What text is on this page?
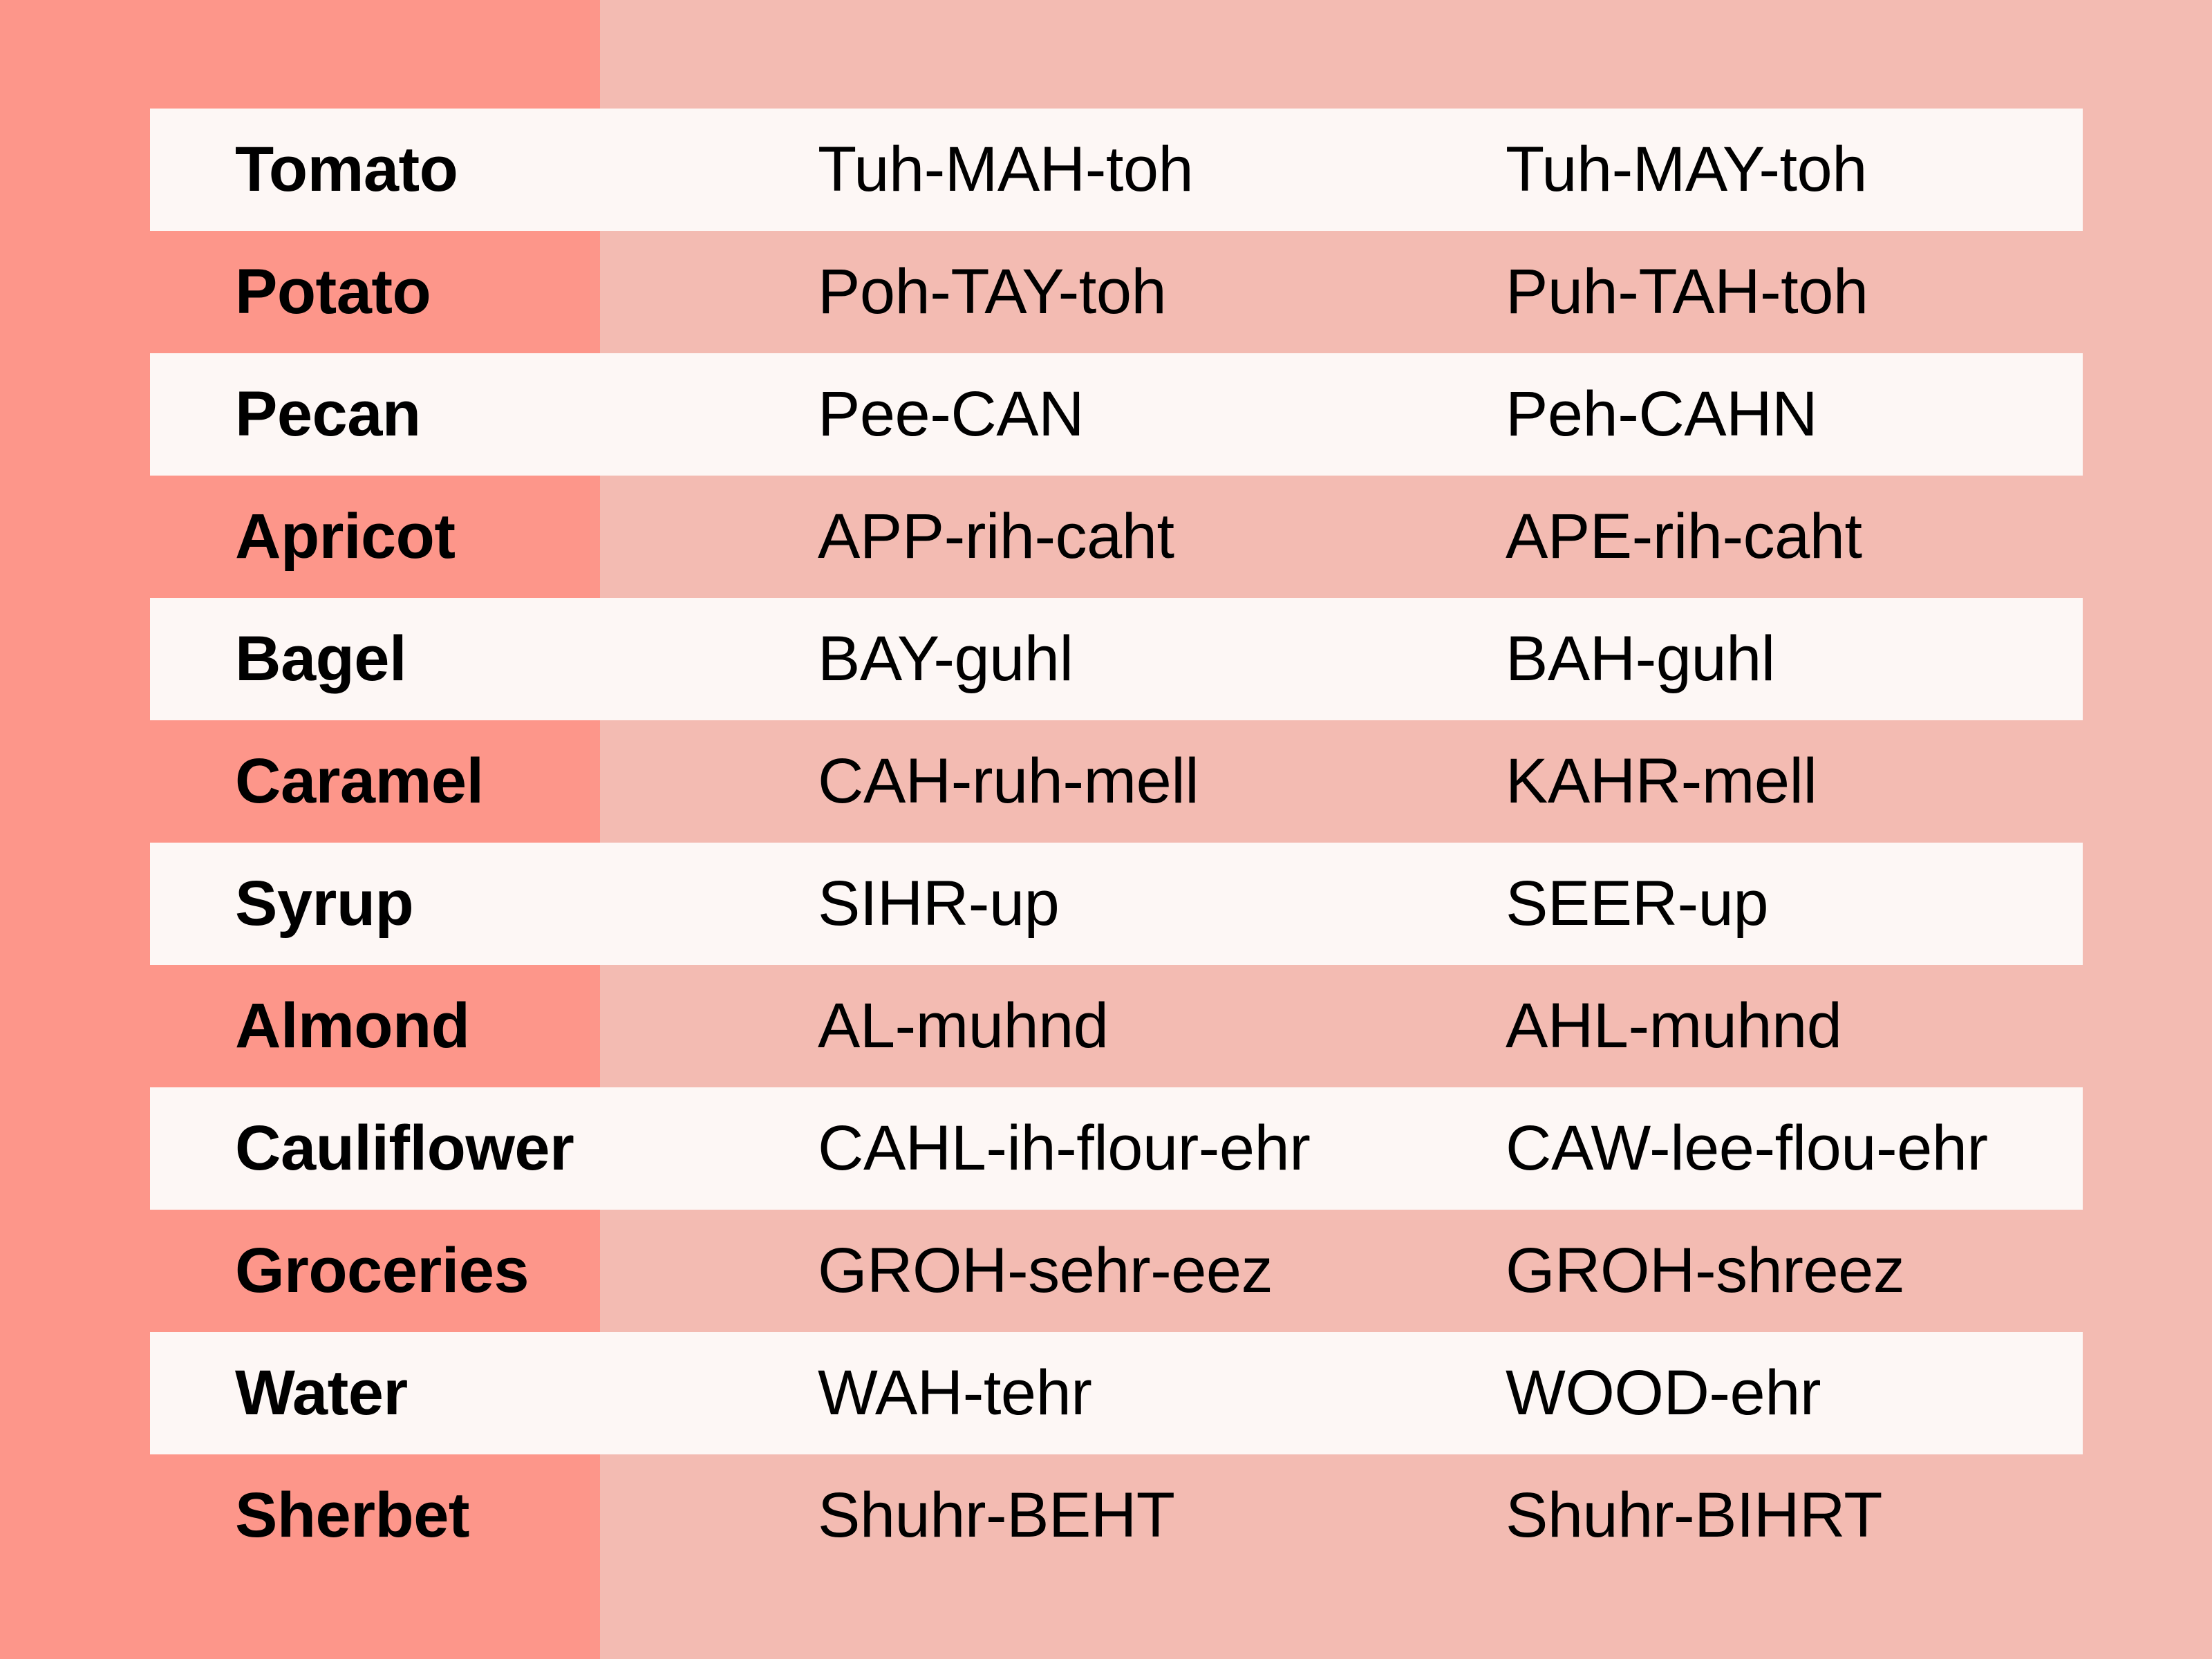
Tomato	Tuh-MAH-toh	Tuh-MAY-toh
Potato	Poh-TAY-toh	Puh-TAH-toh
Pecan	Pee-CAN	Peh-CAHN
Apricot	APP-rih-caht	APE-rih-caht
Bagel	BAY-guhl	BAH-guhl
Caramel	CAH-ruh-mell	KAHR-mell
Syrup	SIHR-up	SEER-up
Almond	AL-muhnd	AHL-muhnd
Cauliflower	CAHL-ih-flour-ehr	CAW-lee-flou-ehr
Groceries	GROH-sehr-eez	GROH-shreez
Water	WAH-tehr	WOOD-ehr
Sherbet	Shuhr-BEHT	Shuhr-BIHRT
